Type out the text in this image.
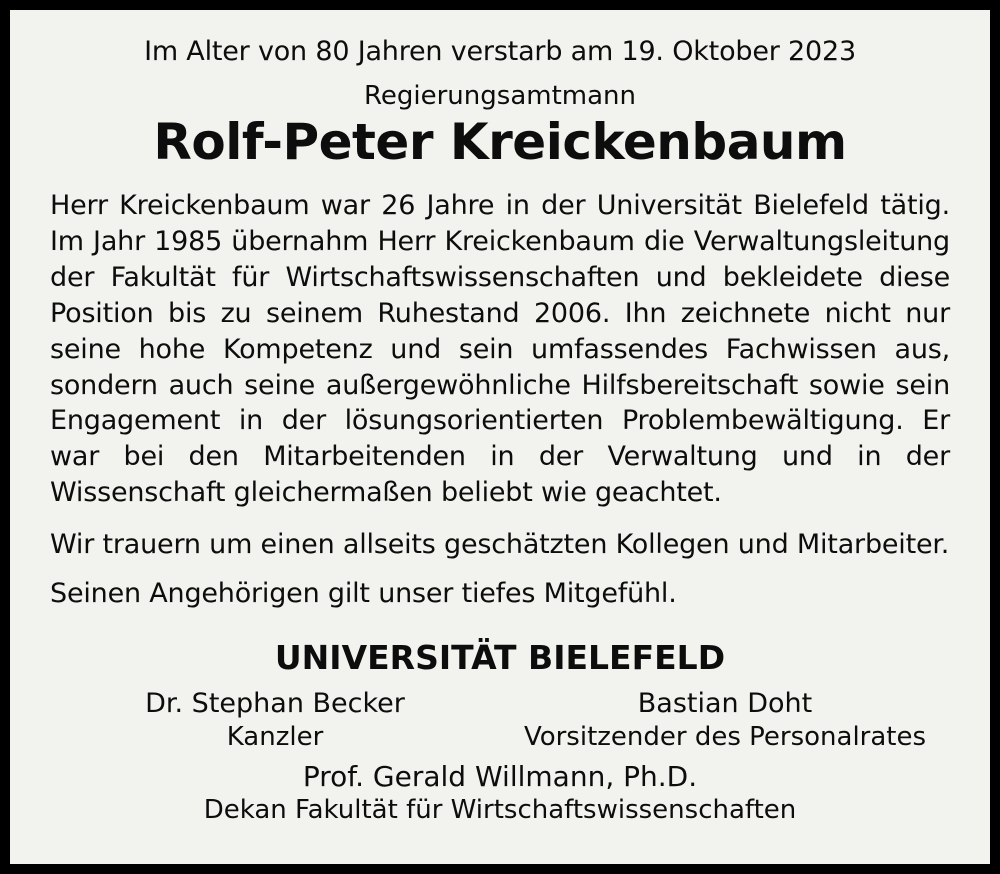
Im Alter von 80 Jahren verstarb am 19. Oktober 2023

Regierungsamtmann

Rolf-Peter Kreickenbaum

Herr Kreickenbaum war 26 Jahre in der Universität Bielefeld tätig. Im Jahr 1985 übernahm Herr Kreickenbaum die Verwaltungsleitung der Fakultät für Wirtschaftswissenschaften und bekleidete diese Position bis zu seinem Ruhestand 2006. Ihn zeichnete nicht nur seine hohe Kompetenz und sein umfassendes Fachwissen aus, sondern auch seine außergewöhnliche Hilfsbereitschaft sowie sein Engagement in der lösungsorientierten Problembewältigung. Er war bei den Mitarbeitenden in der Verwaltung und in der Wissenschaft gleichermaßen beliebt wie geachtet.

Wir trauern um einen allseits geschätzten Kollegen und Mitarbeiter.

Seinen Angehörigen gilt unser tiefes Mitgefühl.

UNIVERSITÄT BIELEFELD
Dr. Stephan Becker
Kanzler
Bastian Doht
Vorsitzender des Personalrates
Prof. Gerald Willmann, Ph.D.
Dekan Fakultät für Wirtschaftswissenschaften
